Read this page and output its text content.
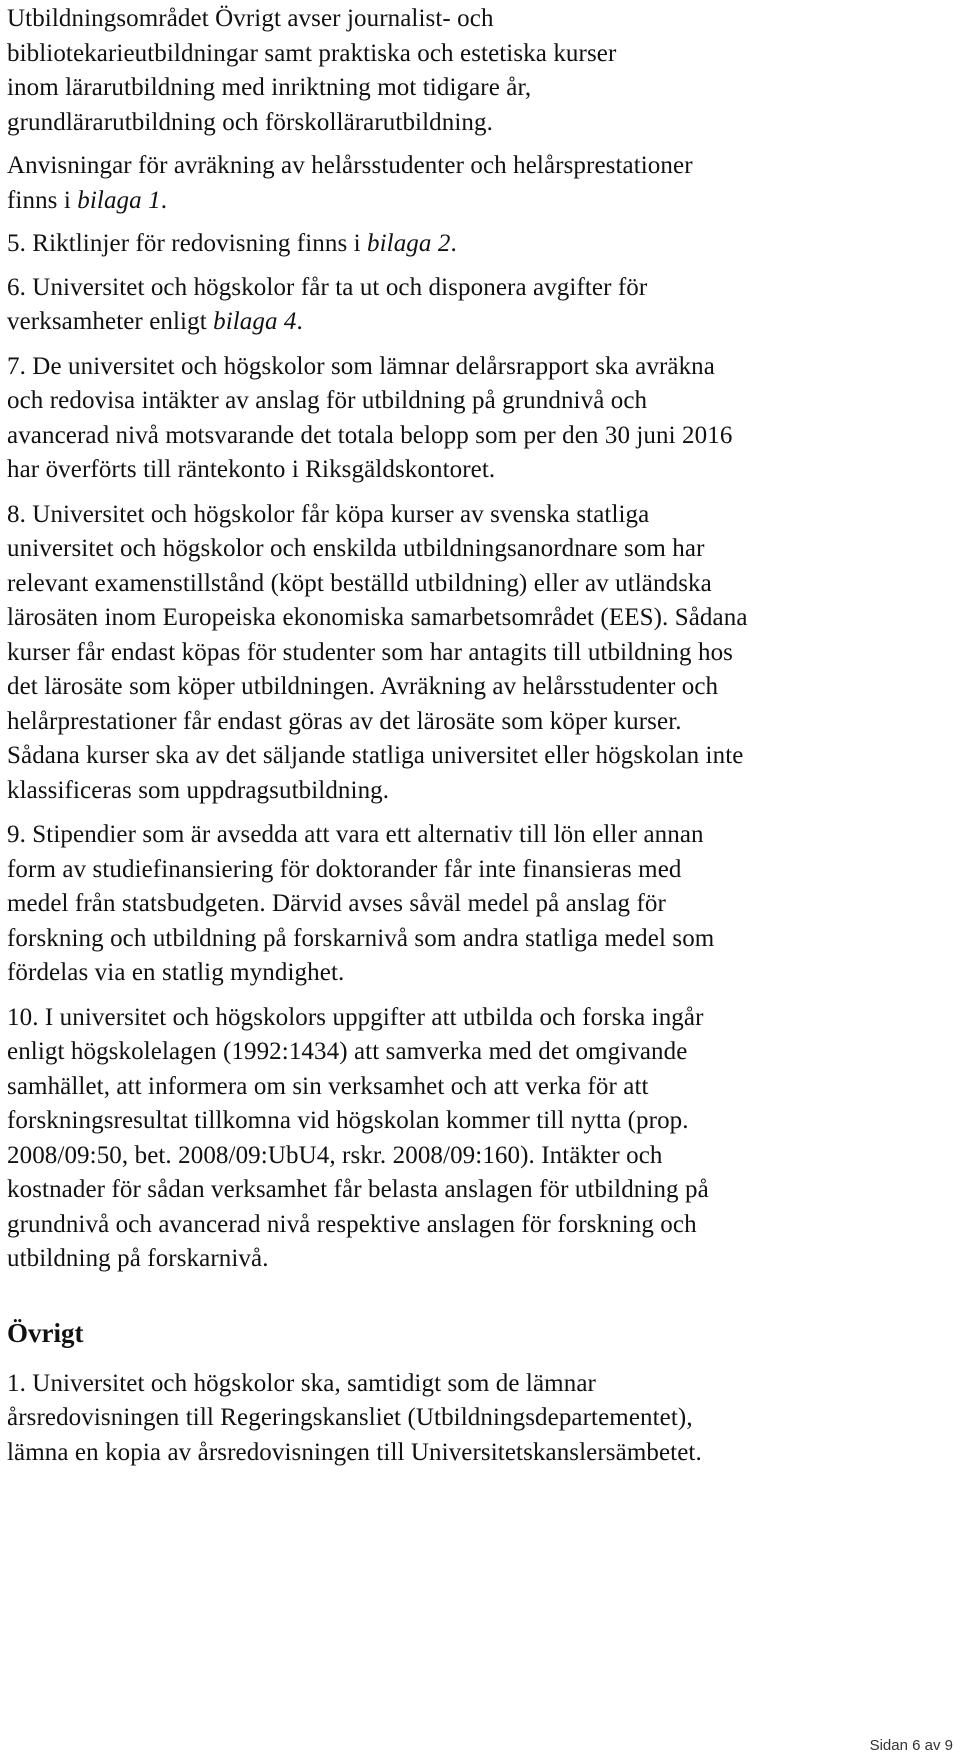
Utbildningsområdet Övrigt avser journalist- och
bibliotekarieutbildningar samt praktiska och estetiska kurser
inom lärarutbildning med inriktning mot tidigare år,
grundlärarutbildning och förskollärarutbildning.

Anvisningar för avräkning av helårsstudenter och helårsprestationer
finns i bilaga 1.

5. Riktlinjer för redovisning finns i bilaga 2.

6. Universitet och högskolor får ta ut och disponera avgifter för
verksamheter enligt bilaga 4.

7. De universitet och högskolor som lämnar delårsrapport ska avräkna
och redovisa intäkter av anslag för utbildning på grundnivå och
avancerad nivå motsvarande det totala belopp som per den 30 juni 2016
har överförts till räntekonto i Riksgäldskontoret.

8. Universitet och högskolor får köpa kurser av svenska statliga
universitet och högskolor och enskilda utbildningsanordnare som har
relevant examenstillstånd (köpt beställd utbildning) eller av utländska
lärosäten inom Europeiska ekonomiska samarbetsområdet (EES). Sådana
kurser får endast köpas för studenter som har antagits till utbildning hos
det lärosäte som köper utbildningen. Avräkning av helårsstudenter och
helårprestationer får endast göras av det lärosäte som köper kurser.
Sådana kurser ska av det säljande statliga universitet eller högskolan inte
klassificeras som uppdragsutbildning.

9. Stipendier som är avsedda att vara ett alternativ till lön eller annan
form av studiefinansiering för doktorander får inte finansieras med
medel från statsbudgeten. Därvid avses såväl medel på anslag för
forskning och utbildning på forskarnivå som andra statliga medel som
fördelas via en statlig myndighet.

10. I universitet och högskolors uppgifter att utbilda och forska ingår
enligt högskolelagen (1992:1434) att samverka med det omgivande
samhället, att informera om sin verksamhet och att verka för att
forskningsresultat tillkomna vid högskolan kommer till nytta (prop.
2008/09:50, bet. 2008/09:UbU4, rskr. 2008/09:160). Intäkter och
kostnader för sådan verksamhet får belasta anslagen för utbildning på
grundnivå och avancerad nivå respektive anslagen för forskning och
utbildning på forskarnivå.

Övrigt

1. Universitet och högskolor ska, samtidigt som de lämnar
årsredovisningen till Regeringskansliet (Utbildningsdepartementet),
lämna en kopia av årsredovisningen till Universitetskanslersämbetet.

Sidan 6 av 9
